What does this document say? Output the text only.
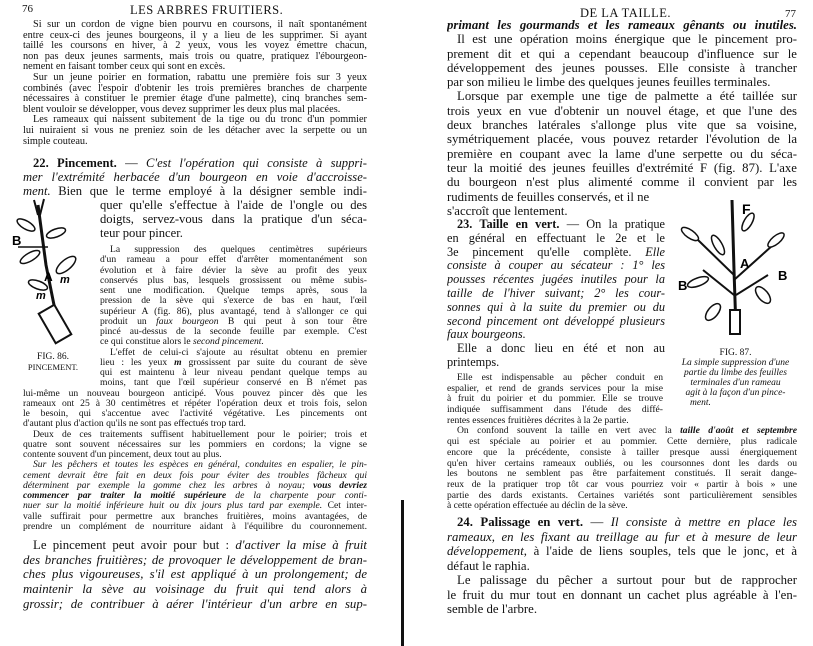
76	LES ARBRES FRUITIERS.
Si sur un cordon de vigne bien pourvu en coursons, il naît spontanément
entre ceux-ci des jeunes bourgeons, il y a lieu de les supprimer. Si ayant
taillé les coursons en hiver, à 2 yeux, vous les voyez émettre chacun,
non pas deux jeunes sarments, mais trois ou quatre, pratiquez l'ébourgeon-
nement en faisant tomber ceux qui sont en excès.
Sur un jeune poirier en formation, rabattu une première fois sur 3 yeux
combinés (avec l'espoir d'obtenir les trois premières branches de charpente
nécessaires à constituer le premier étage d'une palmette), cinq branches sem-
blent vouloir se développer, vous devez supprimer les deux plus mal placées.
Les rameaux qui naissent subitement de la tige ou du tronc d'un pommier
lui nuiraient si vous ne preniez soin de les détacher avec la serpette ou un
simple couteau.
22. Pincement. — C'est l'opération qui consiste à suppri-
mer l'extrémité herbacée d'un bourgeon en voie d'accroisse-
ment. Bien que le terme employé à la désigner semble indi-
quer qu'elle s'effectue à l'aide de l'ongle ou des
doigts, servez-vous dans la pratique d'un séca-
teur pour pincer.
La suppression des quelques centimètres supérieurs
d'un rameau a pour effet d'arrêter momentanément son
évolution et à faire dévier la sève au profit des yeux
conservés plus bas, lesquels grossissent ou même subis-
sent une modification. Quelque temps après, sous la
pression de la sève qui s'exerce de bas en haut, l'œil
supérieur A (fig. 86), plus avantagé, tend à s'allonger ce qui
produit un faux bourgeon B qui peut à son tour être
pincé au-dessus de la seconde feuille par exemple. C'est
ce qui constitue alors le second pincement.
L'effet de celui-ci s'ajoute au résultat obtenu en premier
lieu : les yeux m grossissent par suite du courant de sève
qui est maintenu à leur niveau pendant quelque temps au
moins, tant que l'œil supérieur conservé en B n'émet pas
lui-même un nouveau bourgeon anticipé. Vous pouvez pincer dès que les
rameaux ont 25 à 30 centimètres et répéter l'opération deux et trois fois, selon
le besoin, qui s'accentue avec l'activité végétative. Les pincements ont
d'autant plus d'action qu'ils ne sont pas effectués trop tard.
Deux de ces traitements suffisent habituellement pour le poirier; trois et
quatre sont souvent nécessaires sur les pommiers en cordons; la vigne se
contente souvent d'un pincement, deux tout au plus.
Sur les pêchers et toutes les espèces en général, conduites en espalier, le pin-
cement devrait être fait en deux fois pour éviter des troubles fâcheux qui
déterminent par exemple la gomme chez les arbres à noyau; vous devriez
commencer par traiter la moitié supérieure de la charpente pour conti-
nuer sur la moitié inférieure huit ou dix jours plus tard par exemple. Cet inter-
valle suffirait pour permettre aux branches fruitières, moins avantagées, de
prendre un complément de nourriture aidant à l'équilibre du couronnement.
Le pincement peut avoir pour but : d'activer la mise à fruit
des branches fruitières; de provoquer le développement de bran-
ches plus vigoureuses, s'il est appliqué à un prolongement; de
maintenir la sève au voisinage du fruit qui tend alors à
grossir; de contribuer à aérer l'intérieur d'un arbre en sup-
B
A m
m
FIG. 86.
PINCEMENT.
DE LA TAILLE.	77
primant les gourmands et les rameaux gênants ou inutiles.
Il est une opération moins énergique que le pincement pro-
prement dit et qui a cependant beaucoup d'influence sur le
développement des jeunes pousses. Elle consiste à trancher
par son milieu le limbe des quelques jeunes feuilles terminales.
Lorsque par exemple une tige de palmette a été taillée sur
trois yeux en vue d'obtenir un nouvel étage, et que l'une des
deux branches latérales s'allonge plus vite que sa voisine,
symétriquement placée, vous pouvez retarder l'évolution de la
première en coupant avec la lame d'une serpette ou du séca-
teur la moitié des jeunes feuilles d'extrémité F (fig. 87). L'axe
du bourgeon n'est plus alimenté comme il convient par les
rudiments de feuilles conservés, et il ne
s'accroît que lentement.
23. Taille en vert. — On la pratique
en général en effectuant le 2e et le
3e pincement qu'elle complète. Elle
consiste à couper au sécateur : 1° les
pousses récentes jugées inutiles pour la
taille de l'hiver suivant; 2° les cour-
sonnes qui à la suite du premier ou du
second pincement ont développé plusieurs
faux bourgeons.
Elle a donc lieu en été et non au
printemps.
Elle est indispensable au pêcher conduit en
espalier, et rend de grands services pour la mise
à fruit du poirier et du pommier. Elle se trouve
indiquée suffisamment dans l'étude des diffé-
rentes essences fruitières décrites à la 2e partie.
On confond souvent la taille en vert avec la taille d'août et septembre
qui est spéciale au poirier et au pommier. Cette dernière, plus radicale
encore que la précédente, consiste à tailler presque aussi énergiquement
qu'en hiver certains rameaux oubliés, ou les coursonnes dont les dards ou
les boutons ne semblent pas être parfaitement constitués. Il serait dange-
reux de la pratiquer trop tôt car vous pourriez voir « partir à bois » une
partie des dards existants. Certaines variétés sont particulièrement sensibles
à cette opération effectuée au déclin de la sève.
24. Palissage en vert. — Il consiste à mettre en place les
rameaux, en les fixant au treillage au fur et à mesure de leur
développement, à l'aide de liens souples, tels que le jonc, et à
défaut le raphia.
Le palissage du pêcher a surtout pour but de rapprocher
le fruit du mur tout en donnant un cachet plus agréable à l'en-
semble de l'arbre.
F
A
B
B
FIG. 87.
La simple suppression d'une
partie du limbe des feuilles
terminales d'un rameau
agit à la façon d'un pince-
ment.
